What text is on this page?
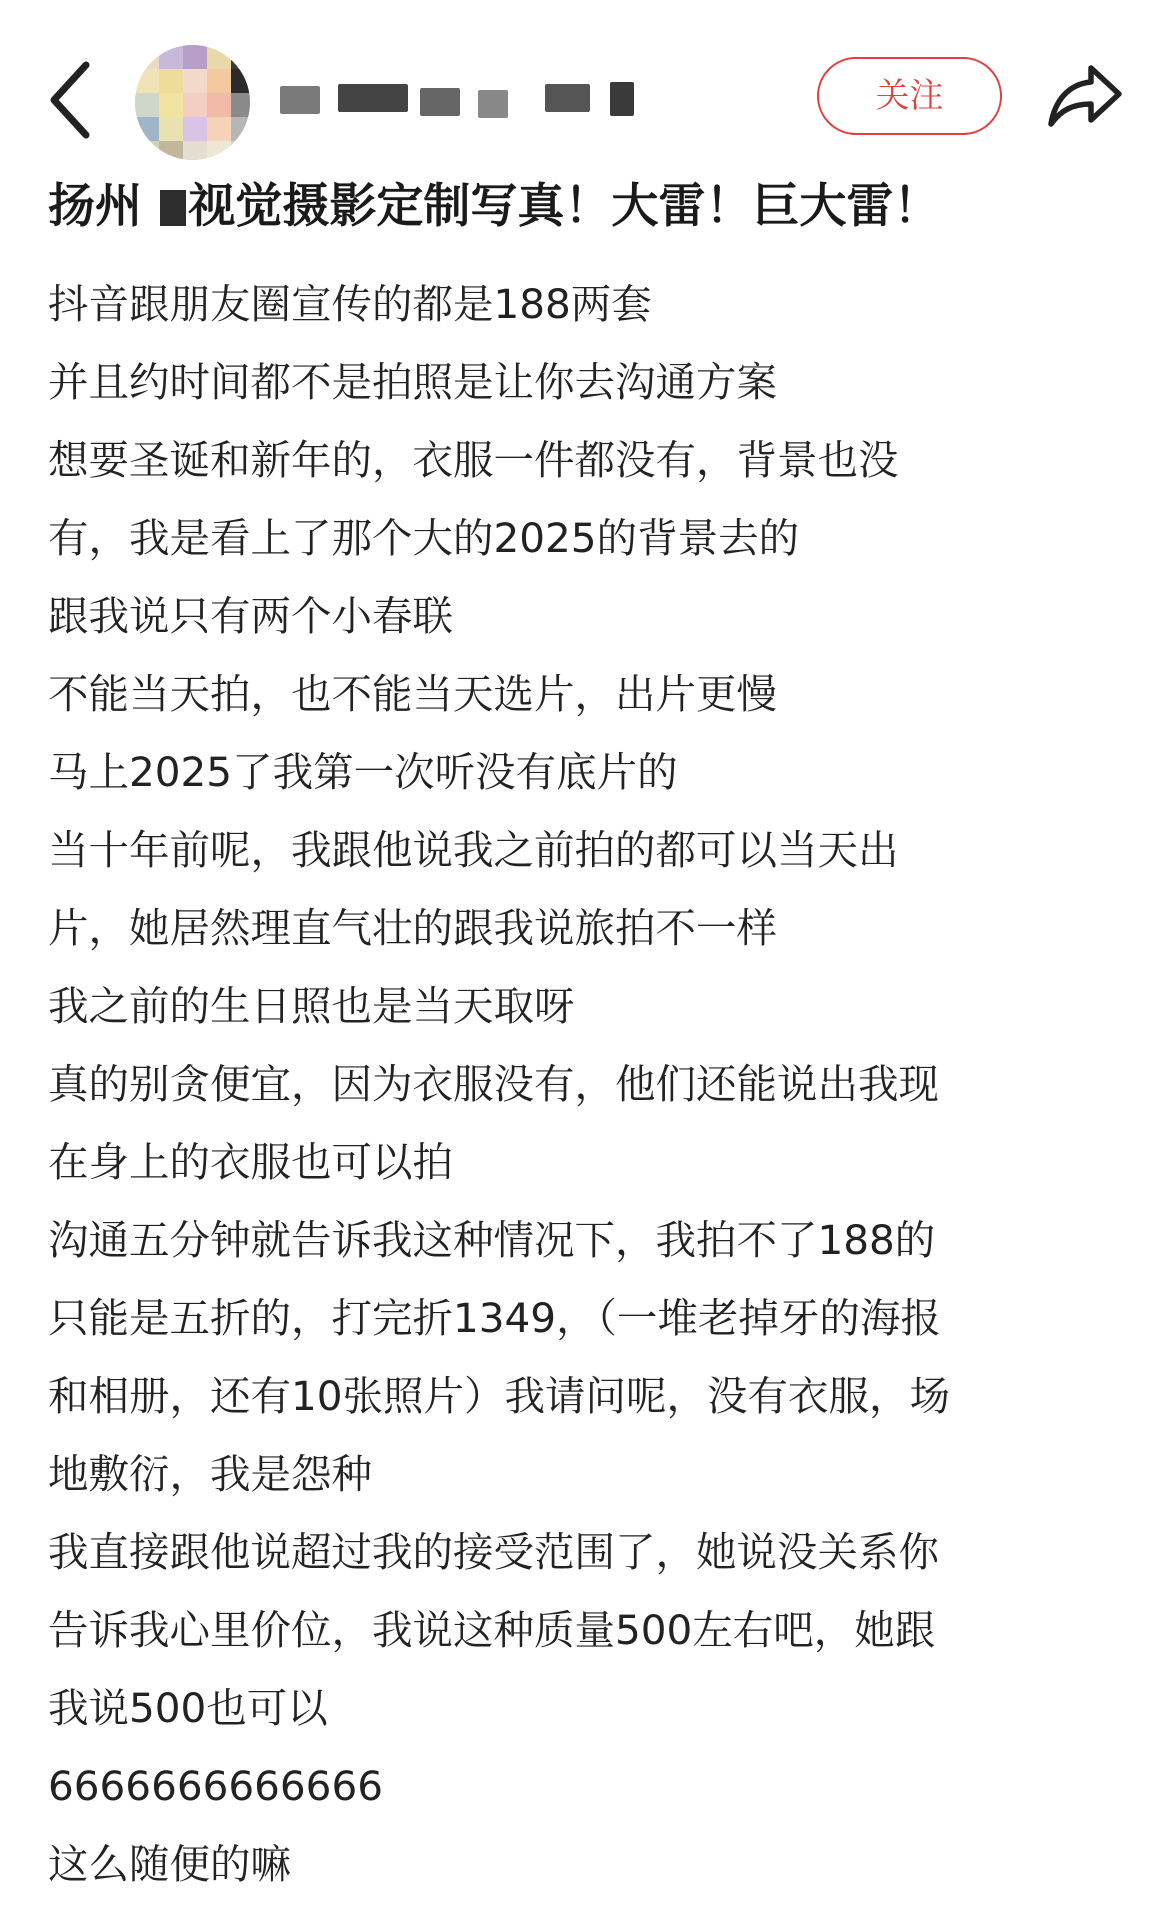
关注
扬州 视觉摄影定制写真！大雷！巨大雷！
抖音跟朋友圈宣传的都是188两套
并且约时间都不是拍照是让你去沟通方案
想要圣诞和新年的，衣服一件都没有，背景也没
有，我是看上了那个大的2025的背景去的
跟我说只有两个小春联
不能当天拍，也不能当天选片，出片更慢
马上2025了我第一次听没有底片的
当十年前呢，我跟他说我之前拍的都可以当天出
片，她居然理直气壮的跟我说旅拍不一样
我之前的生日照也是当天取呀
真的别贪便宜，因为衣服没有，他们还能说出我现
在身上的衣服也可以拍
沟通五分钟就告诉我这种情况下，我拍不了188的
只能是五折的，打完折1349，（一堆老掉牙的海报
和相册，还有10张照片）我请问呢，没有衣服，场
地敷衍，我是怨种
我直接跟他说超过我的接受范围了，她说没关系你
告诉我心里价位，我说这种质量500左右吧，她跟
我说500也可以
6666666666666
这么随便的嘛
